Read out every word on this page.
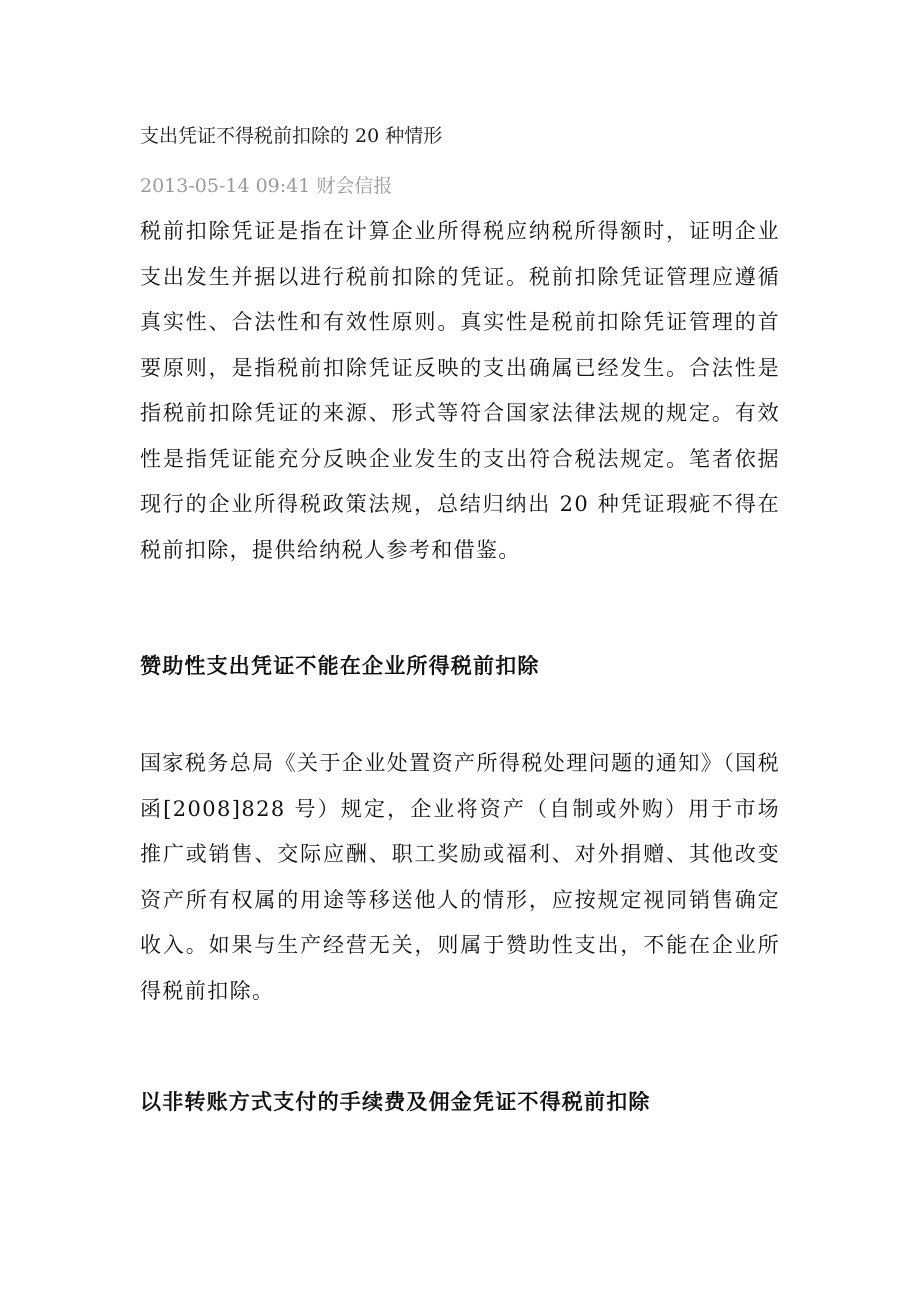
支出凭证不得税前扣除的 20 种情形
2013-05-14 09:41 财会信报

税前扣除凭证是指在计算企业所得税应纳税所得额时，证明企业支出发生并据以进行税前扣除的凭证。税前扣除凭证管理应遵循真实性、合法性和有效性原则。真实性是税前扣除凭证管理的首要原则，是指税前扣除凭证反映的支出确属已经发生。合法性是指税前扣除凭证的来源、形式等符合国家法律法规的规定。有效性是指凭证能充分反映企业发生的支出符合税法规定。笔者依据现行的企业所得税政策法规，总结归纳出 20 种凭证瑕疵不得在税前扣除，提供给纳税人参考和借鉴。

赞助性支出凭证不能在企业所得税前扣除

国家税务总局《关于企业处置资产所得税处理问题的通知》（国税函[2008]828 号）规定，企业将资产（自制或外购）用于市场推广或销售、交际应酬、职工奖励或福利、对外捐赠、其他改变资产所有权属的用途等移送他人的情形，应按规定视同销售确定收入。如果与生产经营无关，则属于赞助性支出，不能在企业所得税前扣除。

以非转账方式支付的手续费及佣金凭证不得税前扣除
